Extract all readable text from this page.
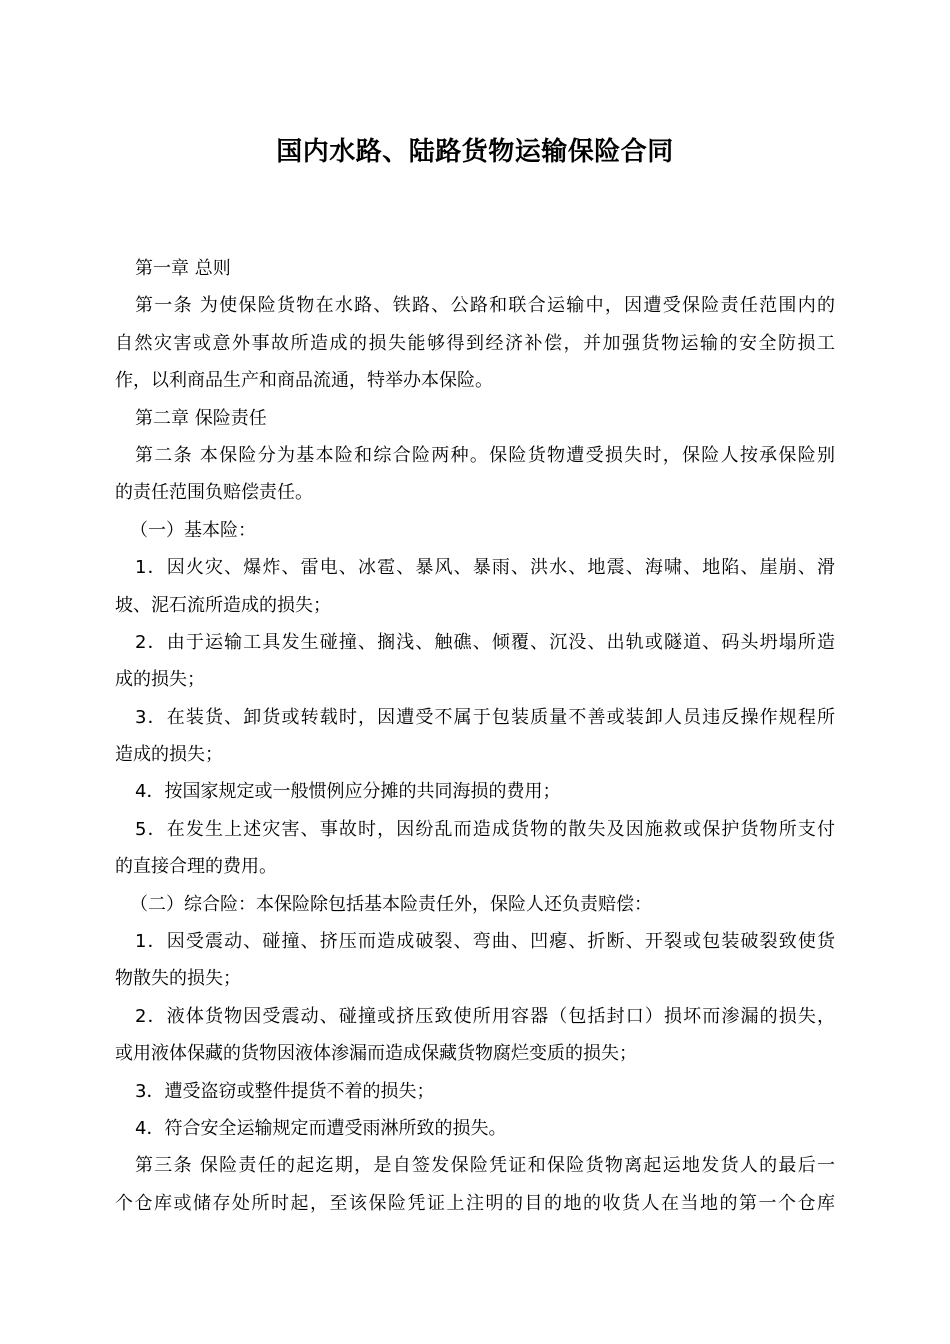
国内水路、陆路货物运输保险合同
第一章 总则
第一条 为使保险货物在水路、铁路、公路和联合运输中，因遭受保险责任范围内的
自然灾害或意外事故所造成的损失能够得到经济补偿，并加强货物运输的安全防损工
作，以利商品生产和商品流通，特举办本保险。
第二章 保险责任
第二条 本保险分为基本险和综合险两种。保险货物遭受损失时，保险人按承保险别
的责任范围负赔偿责任。
（一）基本险：
1．因火灾、爆炸、雷电、冰雹、暴风、暴雨、洪水、地震、海啸、地陷、崖崩、滑
坡、泥石流所造成的损失；
2．由于运输工具发生碰撞、搁浅、触礁、倾覆、沉没、出轨或隧道、码头坍塌所造
成的损失；
3．在装货、卸货或转载时，因遭受不属于包装质量不善或装卸人员违反操作规程所
造成的损失；
4．按国家规定或一般惯例应分摊的共同海损的费用；
5．在发生上述灾害、事故时，因纷乱而造成货物的散失及因施救或保护货物所支付
的直接合理的费用。
（二）综合险：本保险除包括基本险责任外，保险人还负责赔偿：
1．因受震动、碰撞、挤压而造成破裂、弯曲、凹瘪、折断、开裂或包装破裂致使货
物散失的损失；
2．液体货物因受震动、碰撞或挤压致使所用容器（包括封口）损坏而渗漏的损失，
或用液体保藏的货物因液体渗漏而造成保藏货物腐烂变质的损失；
3．遭受盗窃或整件提货不着的损失；
4．符合安全运输规定而遭受雨淋所致的损失。
第三条 保险责任的起迄期，是自签发保险凭证和保险货物离起运地发货人的最后一
个仓库或储存处所时起，至该保险凭证上注明的目的地的收货人在当地的第一个仓库
